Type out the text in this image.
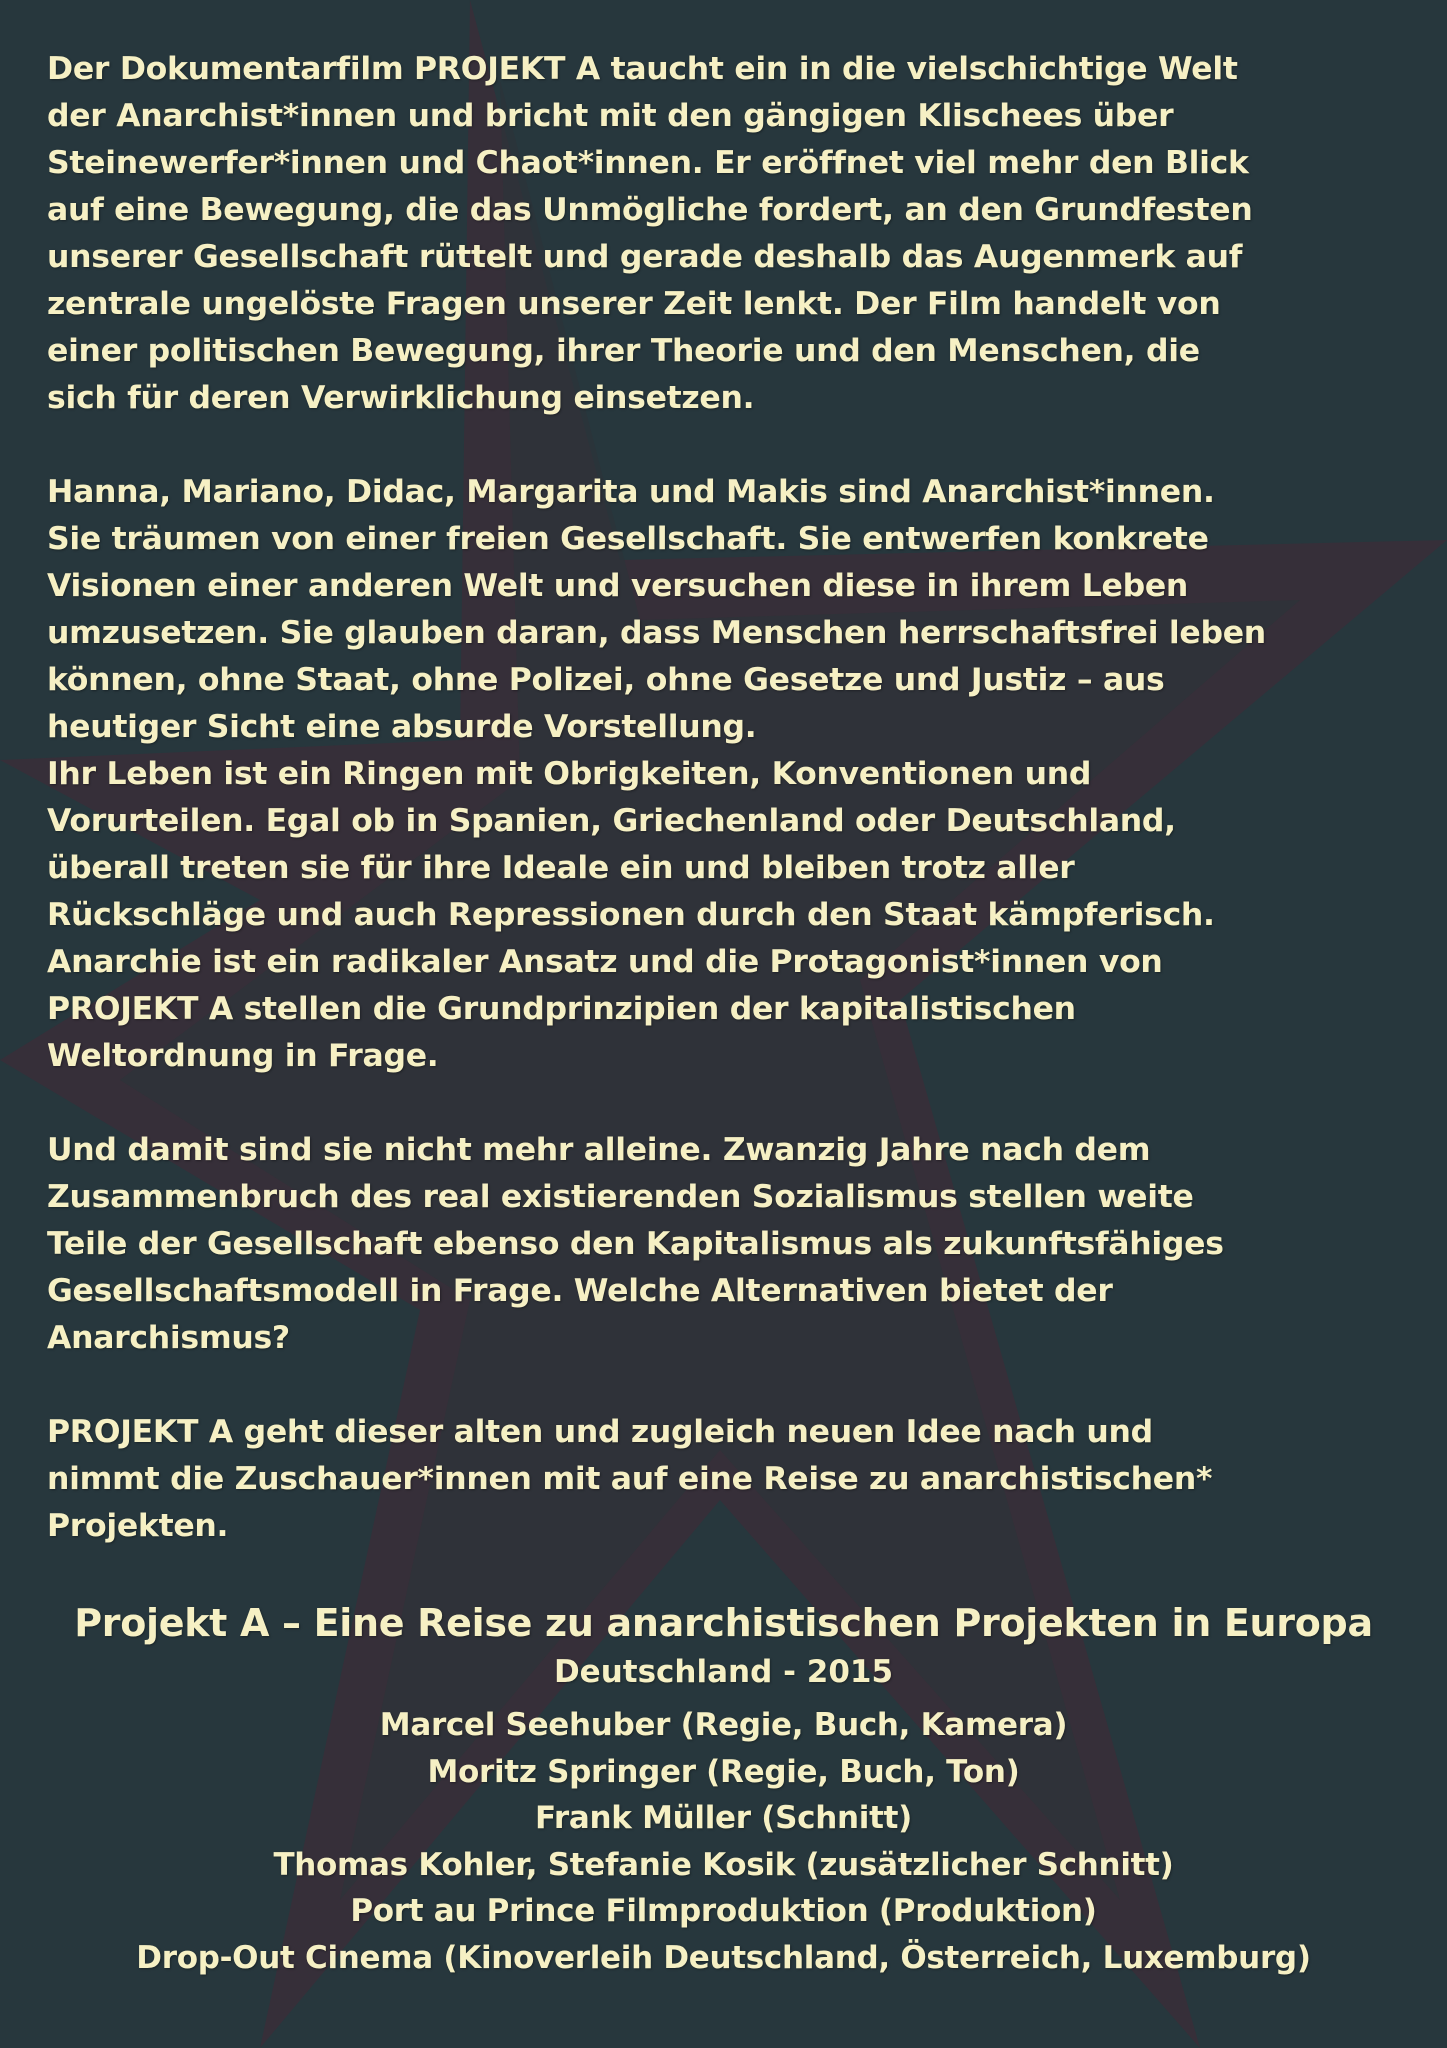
Der Dokumentarfilm PROJEKT A taucht ein in die vielschichtige Welt
der Anarchist*innen und bricht mit den gängigen Klischees über
Steinewerfer*innen und Chaot*innen. Er eröffnet viel mehr den Blick
auf eine Bewegung, die das Unmögliche fordert, an den Grundfesten
unserer Gesellschaft rüttelt und gerade deshalb das Augenmerk auf
zentrale ungelöste Fragen unserer Zeit lenkt. Der Film handelt von
einer politischen Bewegung, ihrer Theorie und den Menschen, die
sich für deren Verwirklichung einsetzen.

Hanna, Mariano, Didac, Margarita und Makis sind Anarchist*innen.
Sie träumen von einer freien Gesellschaft. Sie entwerfen konkrete
Visionen einer anderen Welt und versuchen diese in ihrem Leben
umzusetzen. Sie glauben daran, dass Menschen herrschaftsfrei leben
können, ohne Staat, ohne Polizei, ohne Gesetze und Justiz – aus
heutiger Sicht eine absurde Vorstellung.

Ihr Leben ist ein Ringen mit Obrigkeiten, Konventionen und
Vorurteilen. Egal ob in Spanien, Griechenland oder Deutschland,
überall treten sie für ihre Ideale ein und bleiben trotz aller
Rückschläge und auch Repressionen durch den Staat kämpferisch.
Anarchie ist ein radikaler Ansatz und die Protagonist*innen von
PROJEKT A stellen die Grundprinzipien der kapitalistischen
Weltordnung in Frage.

Und damit sind sie nicht mehr alleine. Zwanzig Jahre nach dem
Zusammenbruch des real existierenden Sozialismus stellen weite
Teile der Gesellschaft ebenso den Kapitalismus als zukunftsfähiges
Gesellschaftsmodell in Frage. Welche Alternativen bietet der
Anarchismus?

PROJEKT A geht dieser alten und zugleich neuen Idee nach und
nimmt die Zuschauer*innen mit auf eine Reise zu anarchistischen*
Projekten.

Projekt A – Eine Reise zu anarchistischen Projekten in Europa
Deutschland - 2015
Marcel Seehuber (Regie, Buch, Kamera)
Moritz Springer (Regie, Buch, Ton)
Frank Müller (Schnitt)
Thomas Kohler, Stefanie Kosik (zusätzlicher Schnitt)
Port au Prince Filmproduktion (Produktion)
Drop-Out Cinema (Kinoverleih Deutschland, Österreich, Luxemburg)
